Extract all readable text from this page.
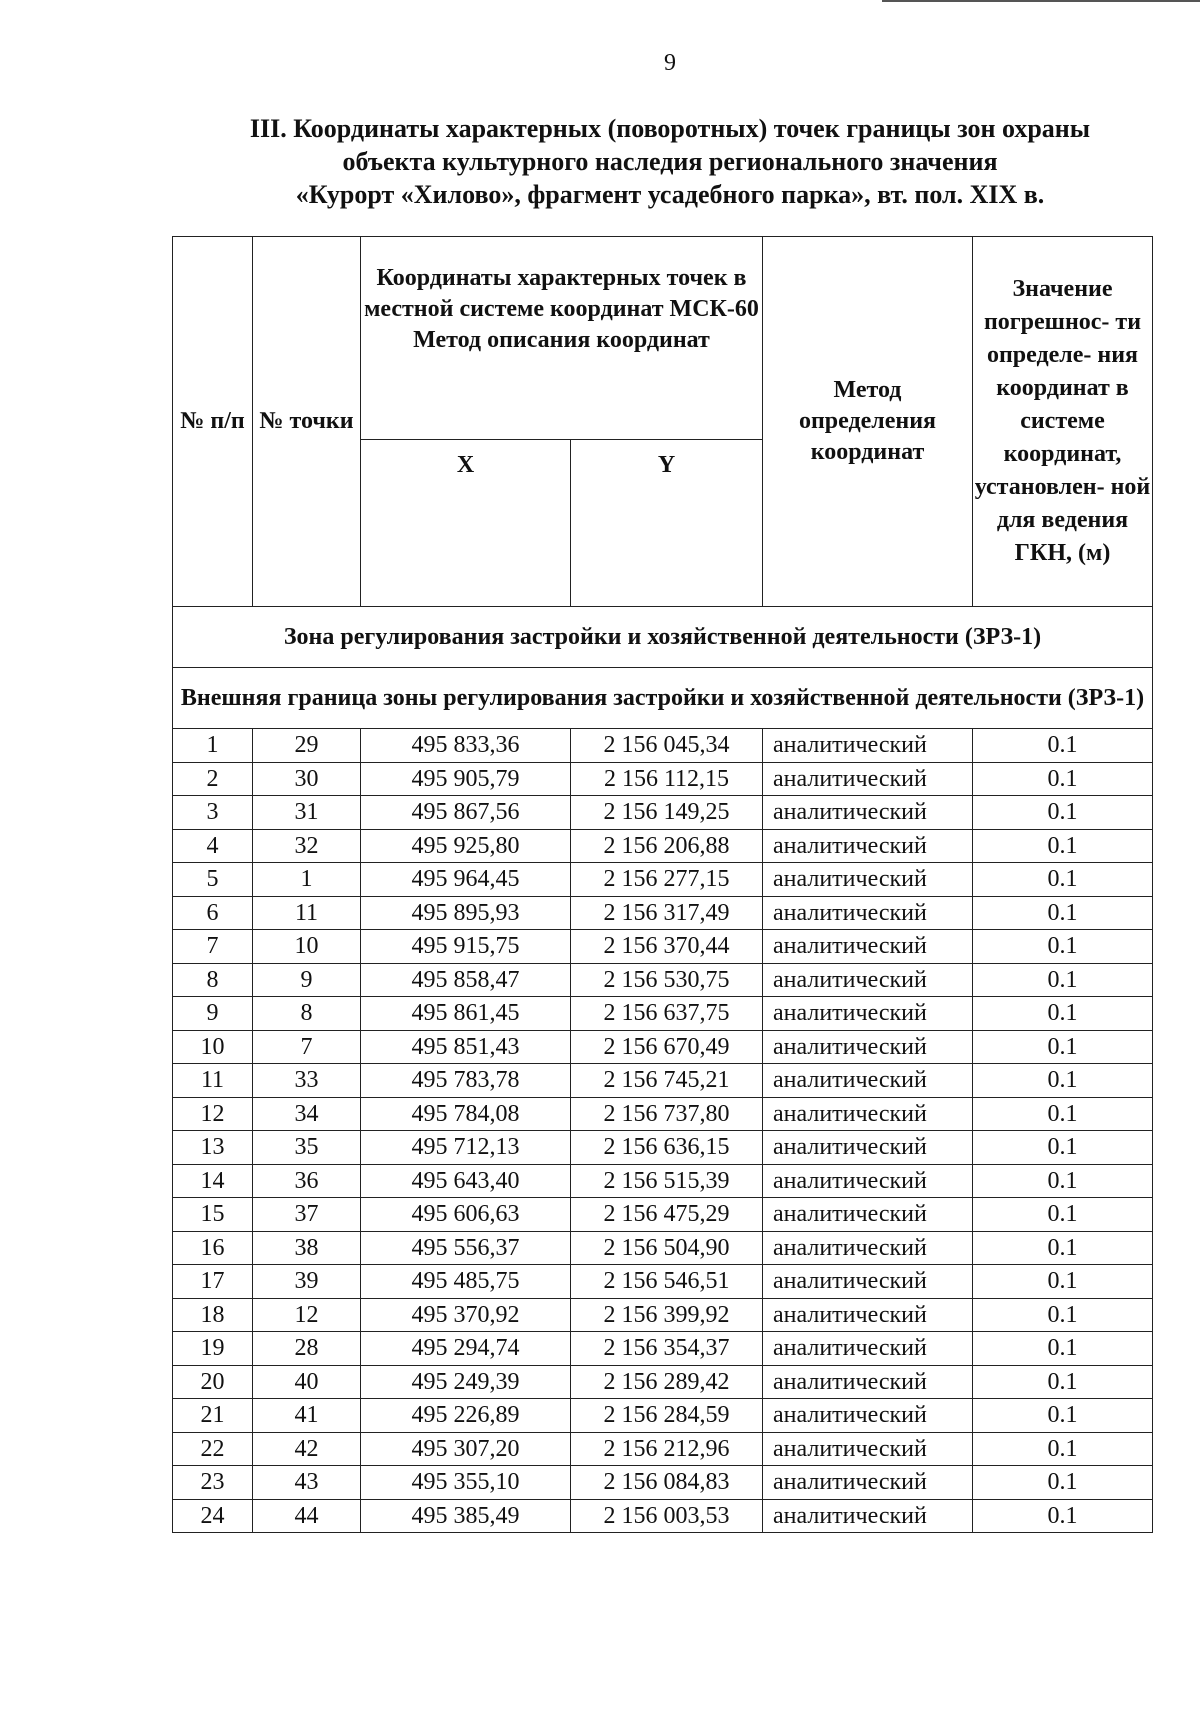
9
III. Координаты характерных (поворотных) точек границы зон охраны
объекта культурного наследия регионального значения
«Курорт «Хилово», фрагмент усадебного парка», вт. пол. XIX в.
№ п/п	№ точки	Координаты характерных точек в местной системе координат МСК-60 Метод описания координат		Метод определения координат	Значение погрешнос- ти определе- ния координат в системе координат, установлен- ной для ведения ГКН, (м)
		X	Y		
Зона регулирования застройки и хозяйственной деятельности (ЗРЗ-1)					
Внешняя граница зоны регулирования застройки и хозяйственной деятельности (ЗРЗ-1)					
1	29	495 833,36	2 156 045,34	аналитический	0.1
2	30	495 905,79	2 156 112,15	аналитический	0.1
3	31	495 867,56	2 156 149,25	аналитический	0.1
4	32	495 925,80	2 156 206,88	аналитический	0.1
5	1	495 964,45	2 156 277,15	аналитический	0.1
6	11	495 895,93	2 156 317,49	аналитический	0.1
7	10	495 915,75	2 156 370,44	аналитический	0.1
8	9	495 858,47	2 156 530,75	аналитический	0.1
9	8	495 861,45	2 156 637,75	аналитический	0.1
10	7	495 851,43	2 156 670,49	аналитический	0.1
11	33	495 783,78	2 156 745,21	аналитический	0.1
12	34	495 784,08	2 156 737,80	аналитический	0.1
13	35	495 712,13	2 156 636,15	аналитический	0.1
14	36	495 643,40	2 156 515,39	аналитический	0.1
15	37	495 606,63	2 156 475,29	аналитический	0.1
16	38	495 556,37	2 156 504,90	аналитический	0.1
17	39	495 485,75	2 156 546,51	аналитический	0.1
18	12	495 370,92	2 156 399,92	аналитический	0.1
19	28	495 294,74	2 156 354,37	аналитический	0.1
20	40	495 249,39	2 156 289,42	аналитический	0.1
21	41	495 226,89	2 156 284,59	аналитический	0.1
22	42	495 307,20	2 156 212,96	аналитический	0.1
23	43	495 355,10	2 156 084,83	аналитический	0.1
24	44	495 385,49	2 156 003,53	аналитический	0.1
